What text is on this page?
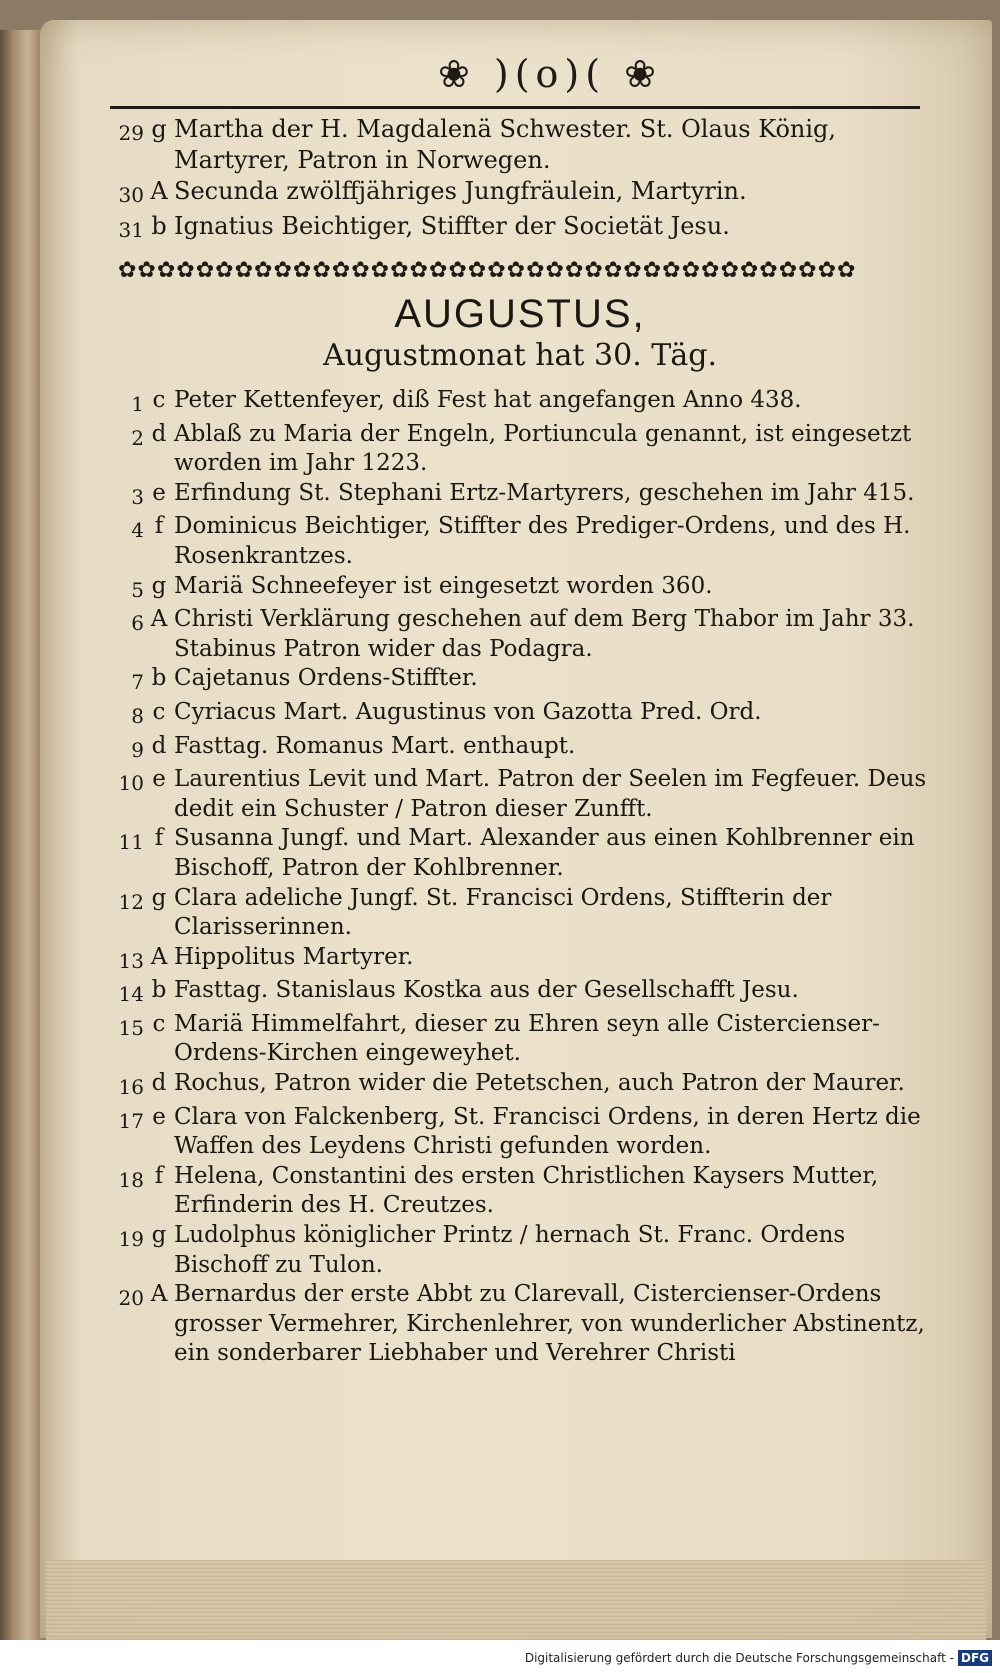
❀ )(o)( ❀
29 g Martha der H. Magdalenä Schwester. St. Olaus König, Martyrer, Patron in Norwegen.
30 A Secunda zwölffjähriges Jungfräulein, Martyrin.
31 b Ignatius Beichtiger, Stiffter der Societät Jesu.
✿✿✿✿✿✿✿✿✿✿✿✿✿✿✿✿✿✿✿✿✿✿✿✿✿✿✿✿✿✿✿✿✿✿✿✿✿✿
AUGUSTUS,
Augustmonat hat 30. Täg.
1 c Peter Kettenfeyer, diß Fest hat angefangen Anno 438.
2 d Ablaß zu Maria der Engeln, Portiuncula genannt, ist eingesetzt worden im Jahr 1223.
3 e Erfindung St. Stephani Ertz-Martyrers, geschehen im Jahr 415.
4 f Dominicus Beichtiger, Stiffter des Prediger-Ordens, und des H. Rosenkrantzes.
5 g Mariä Schneefeyer ist eingesetzt worden 360.
6 A Christi Verklärung geschehen auf dem Berg Thabor im Jahr 33. Stabinus Patron wider das Podagra.
7 b Cajetanus Ordens-Stiffter.
8 c Cyriacus Mart. Augustinus von Gazotta Pred. Ord.
9 d Fasttag. Romanus Mart. enthaupt.
10 e Laurentius Levit und Mart. Patron der Seelen im Fegfeuer. Deus dedit ein Schuster / Patron dieser Zunfft.
11 f Susanna Jungf. und Mart. Alexander aus einen Kohlbrenner ein Bischoff, Patron der Kohlbrenner.
12 g Clara adeliche Jungf. St. Francisci Ordens, Stiffterin der Clarisserinnen.
13 A Hippolitus Martyrer.
14 b Fasttag. Stanislaus Kostka aus der Gesellschafft Jesu.
15 c Mariä Himmelfahrt, dieser zu Ehren seyn alle Cistercienser-Ordens-Kirchen eingeweyhet.
16 d Rochus, Patron wider die Petetschen, auch Patron der Maurer.
17 e Clara von Falckenberg, St. Francisci Ordens, in deren Hertz die Waffen des Leydens Christi gefunden worden.
18 f Helena, Constantini des ersten Christlichen Kaysers Mutter, Erfinderin des H. Creutzes.
19 g Ludolphus königlicher Printz / hernach St. Franc. Ordens Bischoff zu Tulon.
20 A Bernardus der erste Abbt zu Clarevall, Cistercienser-Ordens grosser Vermehrer, Kirchenlehrer, von wunderlicher Abstinentz, ein sonderbarer Liebhaber und Verehrer Christi
Digitalisierung gefördert durch die Deutsche Forschungsgemeinschaft - DFG
